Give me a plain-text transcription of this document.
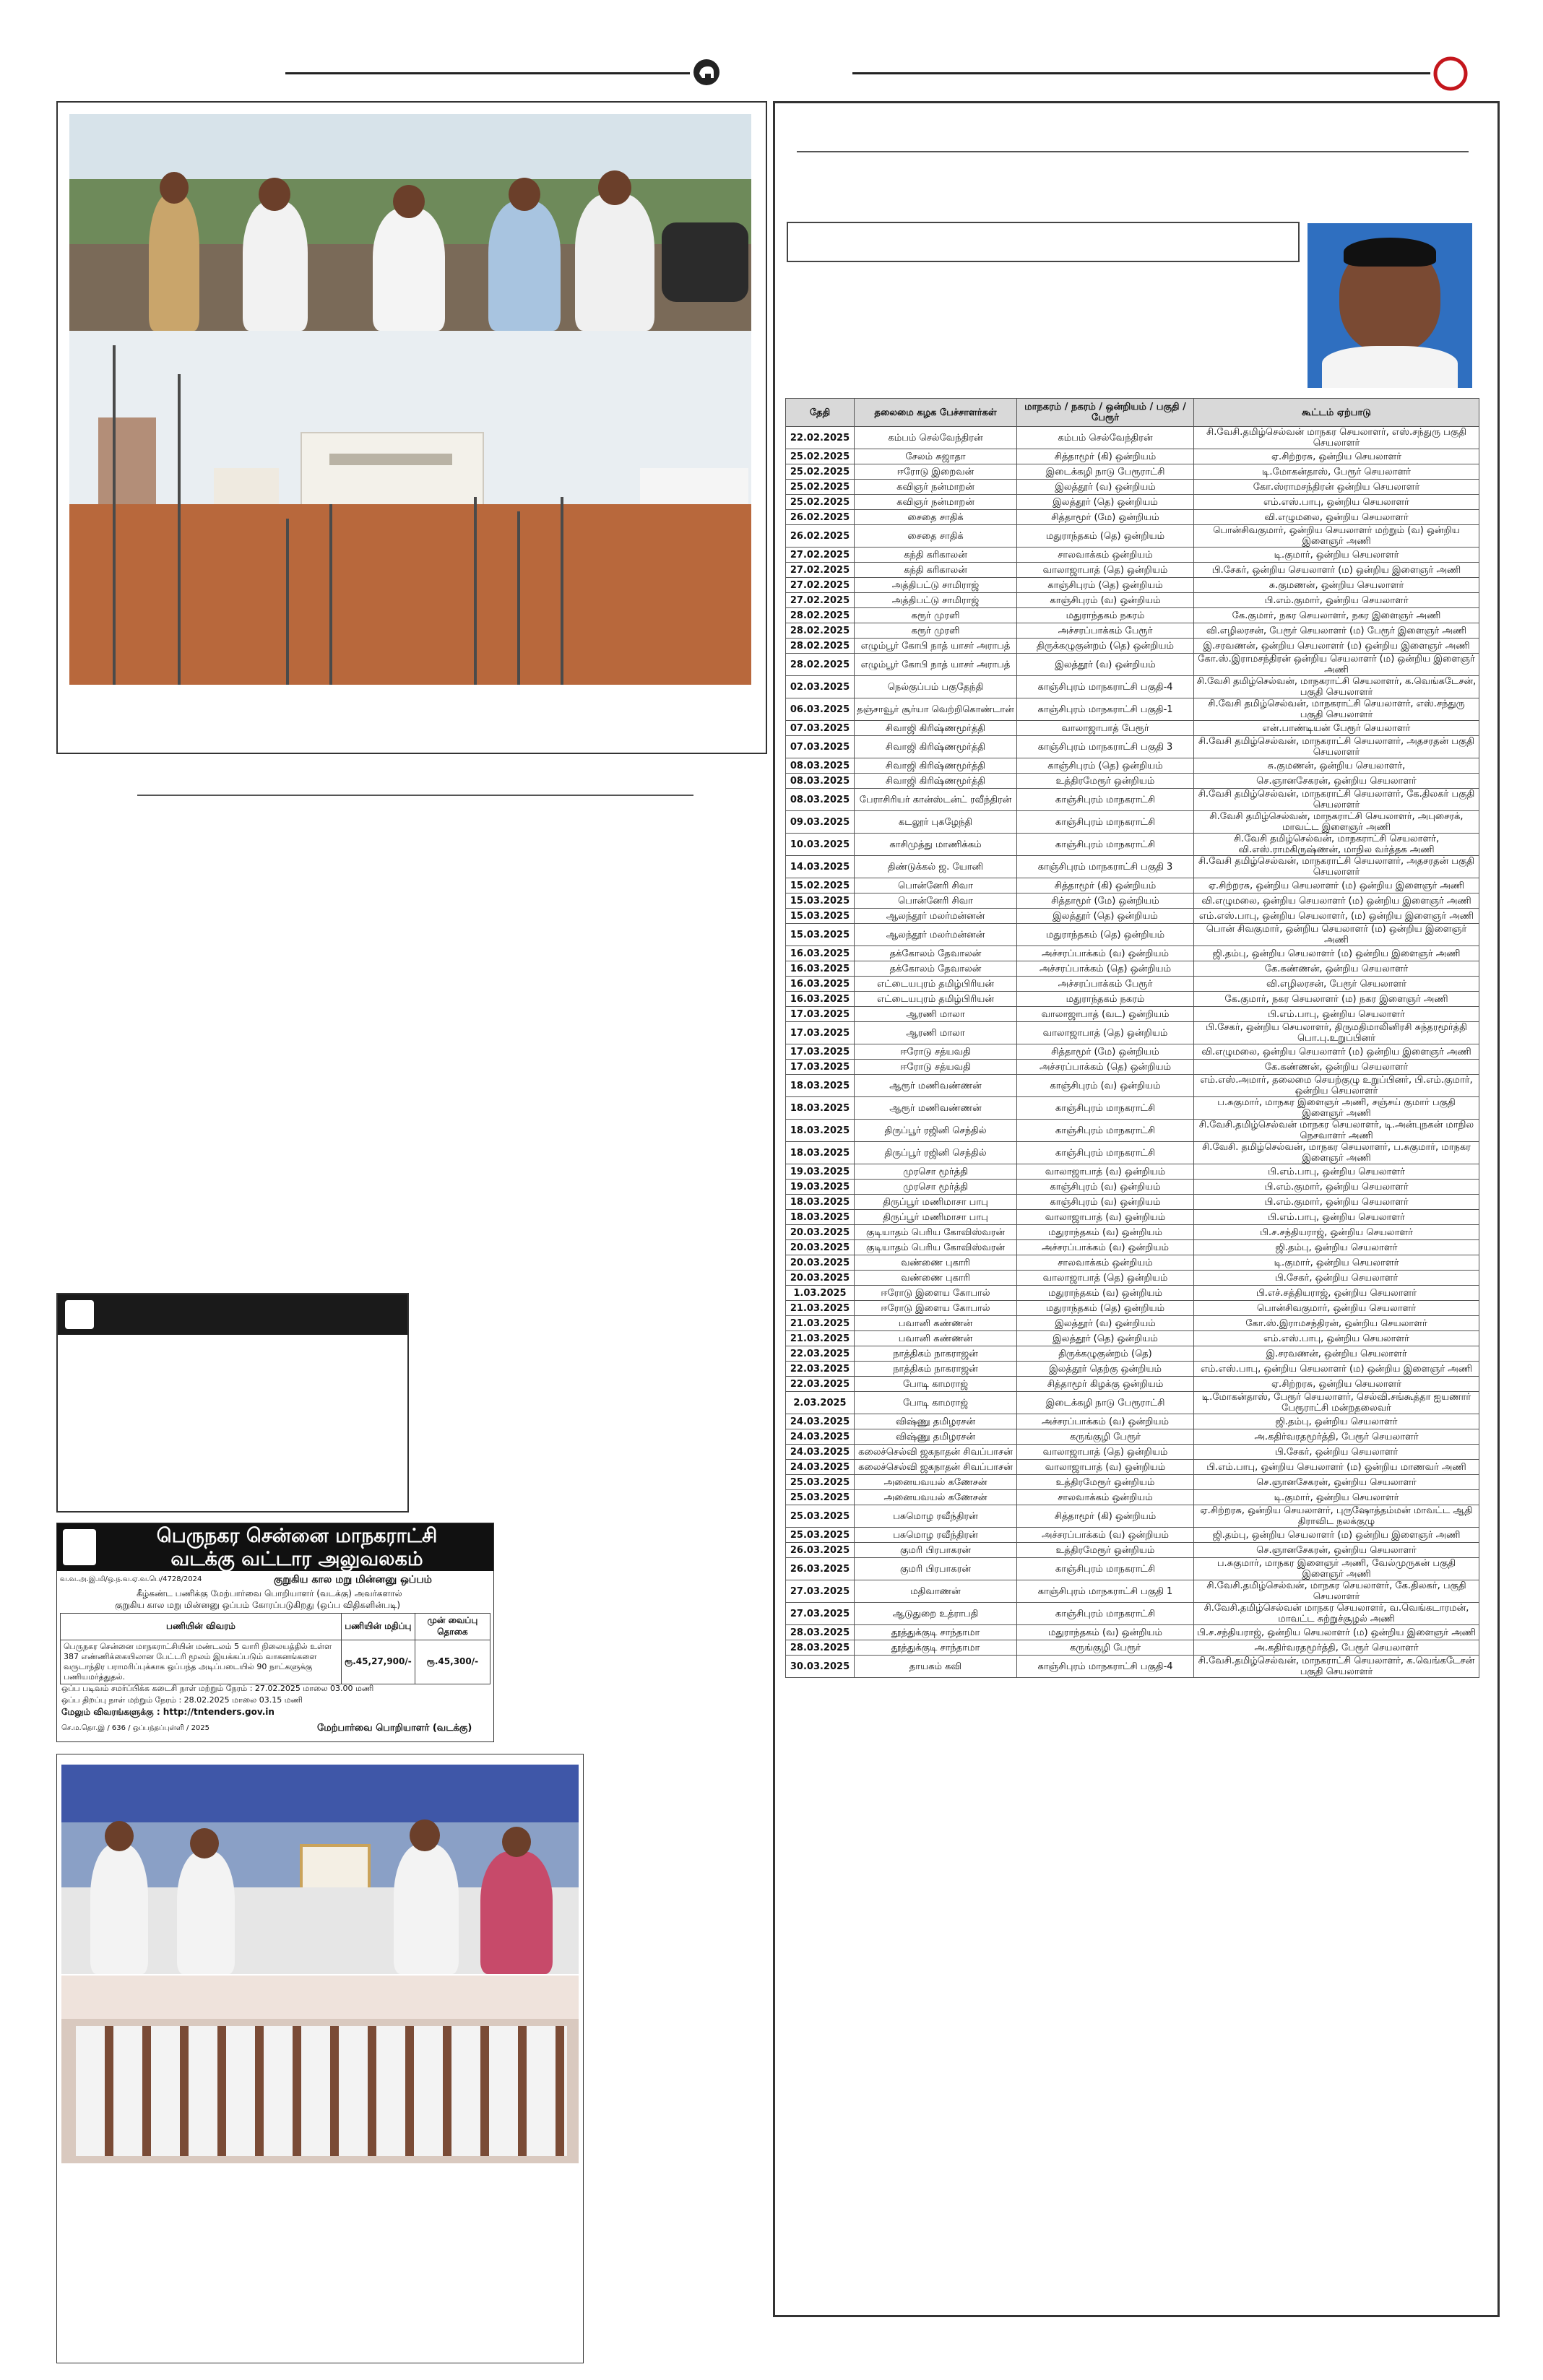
பெருநகர சென்னை மாநகராட்சி
வடக்கு வட்டார அலுவலகம்
வ.வ.அ.இ.மி/ஒ.ந.வ.ஏ.வ.பெ/4728/2024	குறுகிய கால மறு மின்னனு ஒப்பம்
கீழ்கண்ட பணிக்கு மேற்பார்வை பொறியாளர் (வடக்கு) அவர்களால்
குறுகிய கால மறு மின்னனு ஒப்பம் கோரப்படுகிறது (ஒப்ப விதிகளின்படி)
பணியின் விவரம்	பணியின் மதிப்பு	முன் வைப்பு தொகை
பெருநகர சென்னை மாநகராட்சியின் மண்டலம் 5 வாரி நிலையத்தில் உள்ள 387 எண்ணிக்கையிலான பேட்டரி மூலம் இயக்கப்படும் வாகனங்களை வருடாந்திர பராமரிப்புக்காக ஒப்பந்த அடிப்படையில் 90 நாட்களுக்கு பணியமர்த்துதல்.	ரூ.45,27,900/-	ரூ.45,300/-
ஒப்ப படிவம் சமர்ப்பிக்க கடைசி நாள் மற்றும் நேரம் : 27.02.2025 மாலை 03.00 மணி
ஒப்ப திறப்பு நாள் மற்றும் நேரம் : 28.02.2025 மாலை 03.15 மணி
மேலும் விவரங்களுக்கு : http://tntenders.gov.in
செ.ம.தொ.இ / 636 / ஒப்பந்தப்புள்ளி / 2025	மேற்பார்வை பொறியாளர் (வடக்கு)
தேதி	தலைமை கழக பேச்சாளர்கள்	மாநகரம் / நகரம் / ஒன்றியம் / பகுதி / பேரூர்	கூட்டம் ஏற்பாடு
22.02.2025	கம்பம் செல்வேந்திரன்	கம்பம் செல்வேந்திரன்	சி.வேசி.தமிழ்செல்வன் மாநகர செயலாளர், எஸ்.சந்துரு பகுதி செயலாளர்
25.02.2025	சேலம் சுஜாதா	சித்தாமூர் (கி) ஒன்றியம்	ஏ.சிற்றரசு, ஒன்றிய செயலாளர்
25.02.2025	ஈரோடு இறைவன்	இடைக்கழி நாடு பேரூராட்சி	டி.மோகன்தாஸ், பேரூர் செயலாளர்
25.02.2025	கவிஞர் நன்மாறன்	இலத்தூர் (வ) ஒன்றியம்	கோ.ஸ்ராமசந்திரன் ஒன்றிய செயலாளர்
25.02.2025	கவிஞர் நன்மாறன்	இலத்தூர் (தெ) ஒன்றியம்	எம்.எஸ்.பாபு, ஒன்றிய செயலாளர்
26.02.2025	சைதை சாதிக்	சித்தாமூர் (மே) ஒன்றியம்	வி.எழுமலை, ஒன்றிய செயலாளர்
26.02.2025	சைதை சாதிக்	மதுராந்தகம் (தெ) ஒன்றியம்	பொன்சிவகுமார், ஒன்றிய செயலாளர் மற்றும் (வ) ஒன்றிய இளைஞர் அணி
27.02.2025	கந்தி கரிகாலன்	சாலவாக்கம் ஒன்றியம்	டி.குமார், ஒன்றிய செயலாளர்
27.02.2025	கந்தி கரிகாலன்	வாலாஜாபாத் (தெ) ஒன்றியம்	பி.சேகர், ஒன்றிய செயலாளர் (ம) ஒன்றிய இளைஞர் அணி
27.02.2025	அத்திபட்டு சாமிராஜ்	காஞ்சிபுரம் (தெ) ஒன்றியம்	சு.குமணன், ஒன்றிய செயலாளர்
27.02.2025	அத்திபட்டு சாமிராஜ்	காஞ்சிபுரம் (வ) ஒன்றியம்	பி.எம்.குமார், ஒன்றிய செயலாளர்
28.02.2025	கரூர் முரளி	மதுராந்தகம் நகரம்	கே.குமார், நகர செயலாளர், நகர இளைஞர் அணி
28.02.2025	கரூர் முரளி	அச்சரப்பாக்கம் பேரூர்	வி.எழிலரசன், பேரூர் செயலாளர் (ம) பேரூர் இளைஞர் அணி
28.02.2025	எழும்பூர் கோபி நாத் யாசர் அராபத்	திருக்கழுகுன்றம் (தெ) ஒன்றியம்	இ.சரவணன், ஒன்றிய செயலாளர் (ம) ஒன்றிய இளைஞர் அணி
28.02.2025	எழும்பூர் கோபி நாத் யாசர் அராபத்	இலத்தூர் (வ) ஒன்றியம்	கோ.ஸ்.இராமசந்திரன் ஒன்றிய செயலாளர் (ம) ஒன்றிய இளைஞர் அணி
02.03.2025	நெல்குப்பம் பகுதேந்தி	காஞ்சிபுரம் மாநகராட்சி பகுதி-4	சி.வேசி தமிழ்செல்வன், மாநகராட்சி செயலாளர், க.வெங்கடேசன், பகுதி செயலாளர்
06.03.2025	தஞ்சாவூர் சூர்யா வெற்றிகொண்டான்	காஞ்சிபுரம் மாநகராட்சி பகுதி-1	சி.வேசி தமிழ்செல்வன், மாநகராட்சி செயலாளர், எஸ்.சந்துரு பகுதி செயலாளர்
07.03.2025	சிவாஜி கிரிஷ்ணமூர்த்தி	வாலாஜாபாத் பேரூர்	என்.பாண்டியன் பேரூர் செயலாளர்
07.03.2025	சிவாஜி கிரிஷ்ணமூர்த்தி	காஞ்சிபுரம் மாநகராட்சி பகுதி 3	சி.வேசி தமிழ்செல்வன், மாநகராட்சி செயலாளர், அதசரதன் பகுதி செயலாளர்
08.03.2025	சிவாஜி கிரிஷ்ணமூர்த்தி	காஞ்சிபுரம் (தெ) ஒன்றியம்	சு.குமணன், ஒன்றிய செயலாளர்,
08.03.2025	சிவாஜி கிரிஷ்ணமூர்த்தி	உத்திரமேரூர் ஒன்றியம்	செ.ஞானசேகரன், ஒன்றிய செயலாளர்
08.03.2025	பேராசிரியர் கான்ஸ்டன்ட் ரவீந்திரன்	காஞ்சிபுரம் மாநகராட்சி	சி.வேசி தமிழ்செல்வன், மாநகராட்சி செயலாளர், கே.திலகர் பகுதி செயலாளர்
09.03.2025	கடலூர் புகழேந்தி	காஞ்சிபுரம் மாநகராட்சி	சி.வேசி தமிழ்செல்வன், மாநகராட்சி செயலாளர், அபுசைரக், மாவட்ட இளைஞர் அணி
10.03.2025	காசிமுத்து மாணிக்கம்	காஞ்சிபுரம் மாநகராட்சி	சி.வேசி தமிழ்செல்வன், மாநகராட்சி செயலாளர், வி.எஸ்.ராமகிருஷ்ணன், மாநில வர்த்தக அணி
14.03.2025	திண்டுக்கல் ஜ. யோனி	காஞ்சிபுரம் மாநகராட்சி பகுதி 3	சி.வேசி தமிழ்செல்வன், மாநகராட்சி செயலாளர், அதசரதன் பகுதி செயலாளர்
15.02.2025	பொன்னேரி சிவா	சித்தாமூர் (கி) ஒன்றியம்	ஏ.சிற்றரசு, ஒன்றிய செயலாளர் (ம) ஒன்றிய இளைஞர் அணி
15.03.2025	பொன்னேரி சிவா	சித்தாமூர் (மே) ஒன்றியம்	வி.எழுமலை, ஒன்றிய செயலாளர் (ம) ஒன்றிய இளைஞர் அணி
15.03.2025	ஆலந்தூர் மலர்மன்னன்	இலத்தூர் (தெ) ஒன்றியம்	எம்.எஸ்.பாபு, ஒன்றிய செயலாளர், (ம) ஒன்றிய இளைஞர் அணி
15.03.2025	ஆலந்தூர் மலர்மன்னன்	மதுராந்தகம் (தெ) ஒன்றியம்	பொன் சிவகுமார், ஒன்றிய செயலாளர் (ம) ஒன்றிய இளைஞர் அணி
16.03.2025	தக்கோலம் தேவாலன்	அச்சரப்பாக்கம் (வ) ஒன்றியம்	ஜி.தம்பு, ஒன்றிய செயலாளர் (ம) ஒன்றிய இளைஞர் அணி
16.03.2025	தக்கோலம் தேவாலன்	அச்சரப்பாக்கம் (தெ) ஒன்றியம்	கே.கண்ணன், ஒன்றிய செயலாளர்
16.03.2025	எட்டையபுரம் தமிழ்பிரியன்	அச்சரப்பாக்கம் பேரூர்	வி.எழிலரசன், பேரூர் செயலாளர்
16.03.2025	எட்டையபுரம் தமிழ்பிரியன்	மதுராந்தகம் நகரம்	கே.குமார், நகர செயலாளர் (ம) நகர இளைஞர் அணி
17.03.2025	ஆரணி மாலா	வாலாஜாபாத் (வட) ஒன்றியம்	பி.எம்.பாபு, ஒன்றிய செயலாளர்
17.03.2025	ஆரணி மாலா	வாலாஜாபாத் (தெ) ஒன்றியம்	பி.சேகர், ஒன்றிய செயலாளர், திருமதிமாலினிரசி சுந்தரமூர்த்தி பொ.பு.உறுப்பினர்
17.03.2025	ஈரோடு சத்யவதி	சித்தாமூர் (மே) ஒன்றியம்	வி.எழுமலை, ஒன்றிய செயலாளர் (ம) ஒன்றிய இளைஞர் அணி
17.03.2025	ஈரோடு சத்யவதி	அச்சரப்பாக்கம் (தெ) ஒன்றியம்	கே.கண்ணன், ஒன்றிய செயலாளர்
18.03.2025	ஆரூர் மணிவண்ணன்	காஞ்சிபுரம் (வ) ஒன்றியம்	எம்.எஸ்.அமார், தலைமை செயற்குழு உறுப்பினர், பி.எம்.குமார், ஒன்றிய செயலாளர்
18.03.2025	ஆரூர் மணிவண்ணன்	காஞ்சிபுரம் மாநகராட்சி	ப.சுகுமார், மாநகர இளைஞர் அணி, சஞ்சய் குமார் பகுதி இளைஞர் அணி
18.03.2025	திருப்பூர் ரஜினி செந்தில்	காஞ்சிபுரம் மாநகராட்சி	சி.வேசி.தமிழ்செல்வன் மாநகர செயலாளர், டி.அன்புநகன் மாநில நெசவாளர் அணி
18.03.2025	திருப்பூர் ரஜினி செந்தில்	காஞ்சிபுரம் மாநகராட்சி	சி.வேசி. தமிழ்செல்வன், மாநகர செயலாளர், ப.சுகுமார், மாநகர இளைஞர் அணி
19.03.2025	முரசொ மூர்த்தி	வாலாஜாபாத் (வ) ஒன்றியம்	பி.எம்.பாபு, ஒன்றிய செயலாளர்
19.03.2025	முரசொ மூர்த்தி	காஞ்சிபுரம் (வ) ஒன்றியம்	பி.எம்.குமார், ஒன்றிய செயலாளர்
18.03.2025	திருப்பூர் மணிமாசா பாபு	காஞ்சிபுரம் (வ) ஒன்றியம்	பி.எம்.குமார், ஒன்றிய செயலாளர்
18.03.2025	திருப்பூர் மணிமாசா பாபு	வாலாஜாபாத் (வ) ஒன்றியம்	பி.எம்.பாபு, ஒன்றிய செயலாளர்
20.03.2025	குடியாதம் பெரிய கோவிஸ்வரன்	மதுராந்தகம் (வ) ஒன்றியம்	பி.ச.சந்தியராஜ், ஒன்றிய செயலாளர்
20.03.2025	குடியாதம் பெரிய கோவிஸ்வரன்	அச்சரப்பாக்கம் (வ) ஒன்றியம்	ஜி.தம்பு, ஒன்றிய செயலாளர்
20.03.2025	வண்ணை புகாரி	சாலவாக்கம் ஒன்றியம்	டி.குமார், ஒன்றிய செயலாளர்
20.03.2025	வண்ணை புகாரி	வாலாஜாபாத் (தெ) ஒன்றியம்	பி.சேகர், ஒன்றிய செயலாளர்
1.03.2025	ஈரோடு இளைய கோபால்	மதுராந்தகம் (வ) ஒன்றியம்	பி.எச்.சத்தியராஜ், ஒன்றிய செயலாளர்
21.03.2025	ஈரோடு இளைய கோபால்	மதுராந்தகம் (தெ) ஒன்றியம்	பொன்சிவகுமார், ஒன்றிய செயலாளர்
21.03.2025	பவானி கண்ணன்	இலத்தூர் (வ) ஒன்றியம்	கோ.ஸ்.இராமசந்திரன், ஒன்றிய செயலாளர்
21.03.2025	பவானி கண்ணன்	இலத்தூர் (தெ) ஒன்றியம்	எம்.எஸ்.பாபு, ஒன்றிய செயலாளர்
22.03.2025	நாத்திகம் நாகராஜன்	திருக்கழுகுன்றம் (தெ)	இ.சரவணன், ஒன்றிய செயலாளர்
22.03.2025	நாத்திகம் நாகராஜன்	இலத்தூர் தெற்கு ஒன்றியம்	எம்.எஸ்.பாபு, ஒன்றிய செயலாளர் (ம) ஒன்றிய இளைஞர் அணி
22.03.2025	போடி காமராஜ்	சித்தாமூர் கிழக்கு ஒன்றியம்	ஏ.சிற்றரசு, ஒன்றிய செயலாளர்
2.03.2025	போடி காமராஜ்	இடைக்கழி நாடு பேரூராட்சி	டி.மோகன்தாஸ், பேரூர் செயலாளர், செல்வி.சங்கூத்தா ஐயணார் பேரூராட்சி மன்றதலைவர்
24.03.2025	விஷ்ணு தமிழரசன்	அச்சரப்பாக்கம் (வ) ஒன்றியம்	ஜி.தம்பு, ஒன்றிய செயலாளர்
24.03.2025	விஷ்ணு தமிழரசன்	கருங்குழி பேரூர்	அ.கதிர்வரதமூர்த்தி, பேரூர் செயலாளர்
24.03.2025	கலைச்செல்வி ஜகநாதன் சிவப்பாசன்	வாலாஜாபாத் (தெ) ஒன்றியம்	பி.சேகர், ஒன்றிய செயலாளர்
24.03.2025	கலைச்செல்வி ஜகநாதன் சிவப்பாசன்	வாலாஜாபாத் (வ) ஒன்றியம்	பி.எம்.பாபு, ஒன்றிய செயலாளர் (ம) ஒன்றிய மாணவர் அணி
25.03.2025	அனையவயல் கணேசன்	உத்திரமேரூர் ஒன்றியம்	செ.ஞானசேகரன், ஒன்றிய செயலாளர்
25.03.2025	அனையவயல் கணேசன்	சாலவாக்கம் ஒன்றியம்	டி.குமார், ஒன்றிய செயலாளர்
25.03.2025	பசுமொழ ரவீந்திரன்	சித்தாமூர் (கி) ஒன்றியம்	ஏ.சிற்றரசு, ஒன்றிய செயலாளர், புருஷோத்தம்மன் மாவட்ட ஆதி திராவிட நலக்குழு
25.03.2025	பசுமொழ ரவீந்திரன்	அச்சரப்பாக்கம் (வ) ஒன்றியம்	ஜி.தம்பு, ஒன்றிய செயலாளர் (ம) ஒன்றிய இளைஞர் அணி
26.03.2025	குமரி பிரபாகரன்	உத்திரமேரூர் ஒன்றியம்	செ.ஞானசேகரன், ஒன்றிய செயலாளர்
26.03.2025	குமரி பிரபாகரன்	காஞ்சிபுரம் மாநகராட்சி	ப.சுகுமார், மாநகர இளைஞர் அணி, வேல்முருகன் பகுதி இளைஞர் அணி
27.03.2025	மதிவாணன்	காஞ்சிபுரம் மாநகராட்சி பகுதி 1	சி.வேசி.தமிழ்செல்வன், மாநகர செயலாளர், கே.திலகர், பகுதி செயலாளர்
27.03.2025	ஆடுதுறை உத்ராபதி	காஞ்சிபுரம் மாநகராட்சி	சி.வேசி.தமிழ்செல்வன் மாநகர செயலாளர், வ.வெங்கடாரமன், மாவட்ட சுற்றுச்சூழல் அணி
28.03.2025	தூத்துக்குடி சாந்தாமா	மதுராந்தகம் (வ) ஒன்றியம்	பி.ச.சந்தியராஜ், ஒன்றிய செயலாளர் (ம) ஒன்றிய இளைஞர் அணி
28.03.2025	தூத்துக்குடி சாந்தாமா	கருங்குழி பேரூர்	அ.கதிர்வரதமூர்த்தி, பேரூர் செயலாளர்
30.03.2025	தாயகம் கவி	காஞ்சிபுரம் மாநகராட்சி பகுதி-4	சி.வேசி.தமிழ்செல்வன், மாநகராட்சி செயலாளர், க.வெங்கடேசன் பகுதி செயலாளர்
